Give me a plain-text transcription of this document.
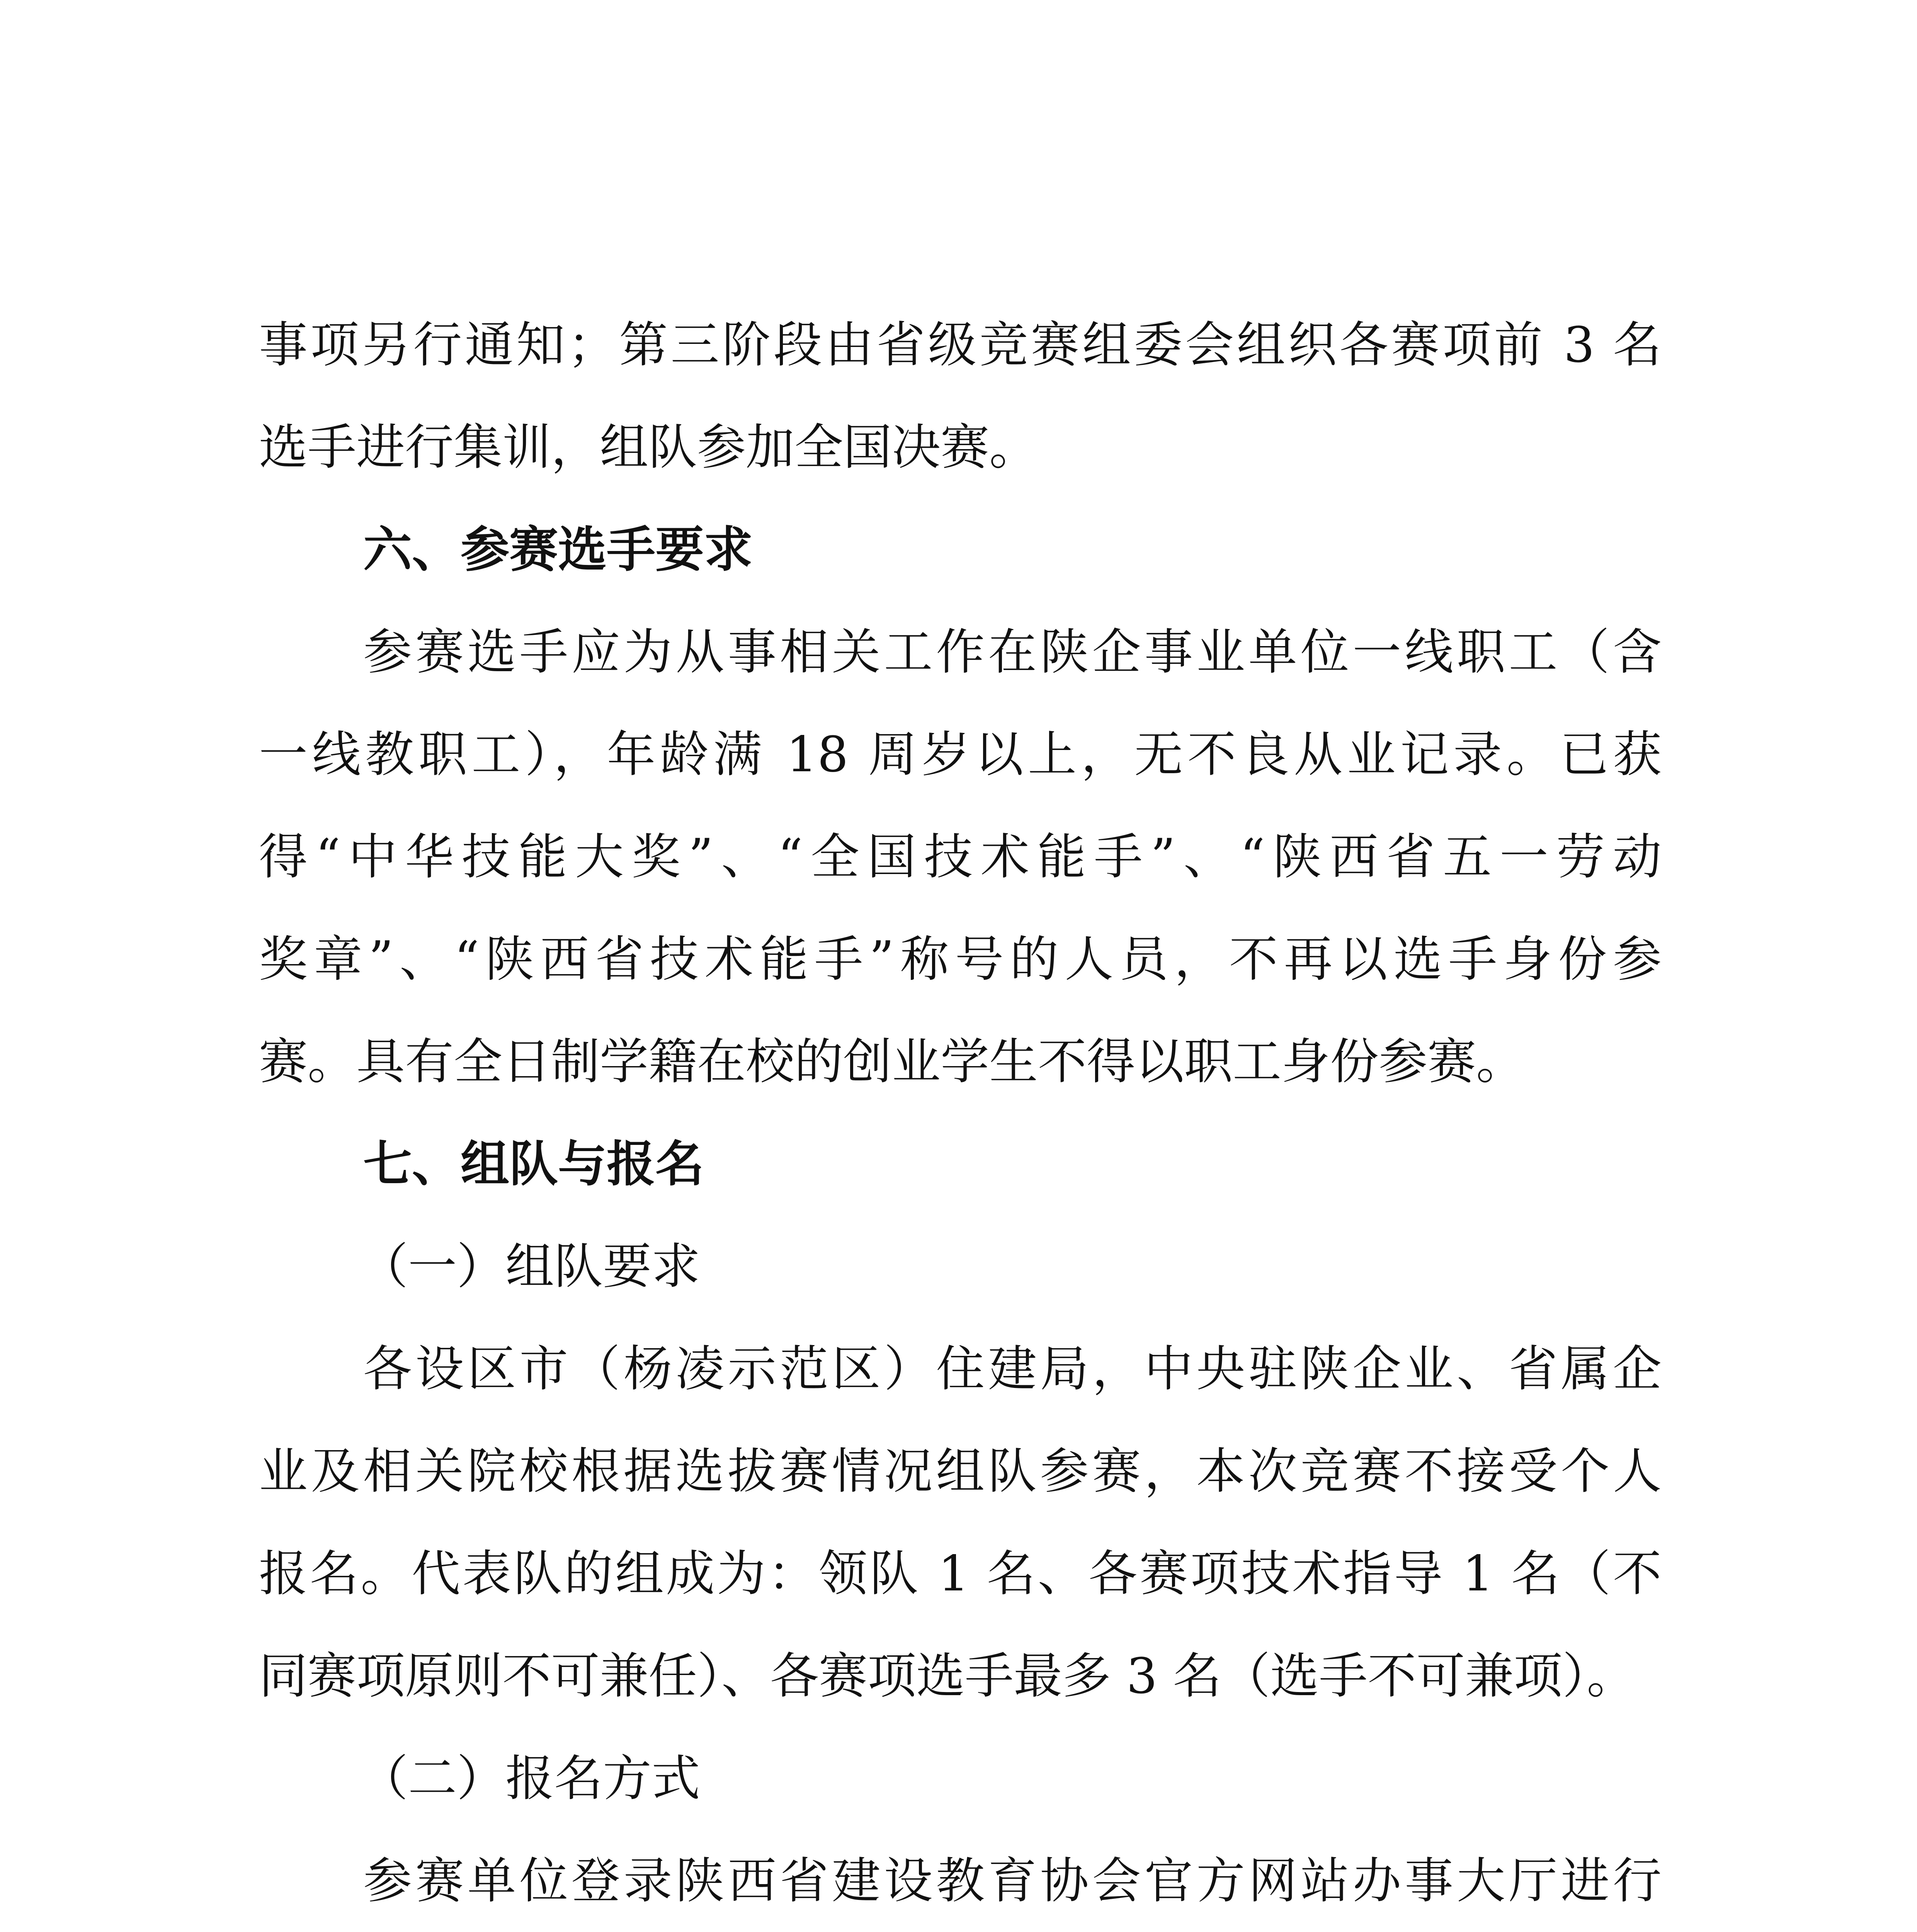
事项另行通知；第三阶段由省级竞赛组委会组织各赛项前 3 名
选手进行集训，组队参加全国决赛。
六、参赛选手要求
参赛选手应为从事相关工作在陕企事业单位一线职工（含
一线教职工），年龄满 18 周岁以上，无不良从业记录。已获
得“中华技能大奖”、“全国技术能手”、“陕西省五一劳动
奖章”、“陕西省技术能手”称号的人员，不再以选手身份参
赛。具有全日制学籍在校的创业学生不得以职工身份参赛。
七、组队与报名
（一）组队要求
各设区市（杨凌示范区）住建局，中央驻陕企业、省属企
业及相关院校根据选拔赛情况组队参赛，本次竞赛不接受个人
报名。代表队的组成为：领队 1 名、各赛项技术指导 1 名（不
同赛项原则不可兼任）、各赛项选手最多 3 名（选手不可兼项）。
（二）报名方式
参赛单位登录陕西省建设教育协会官方网站办事大厅进行
